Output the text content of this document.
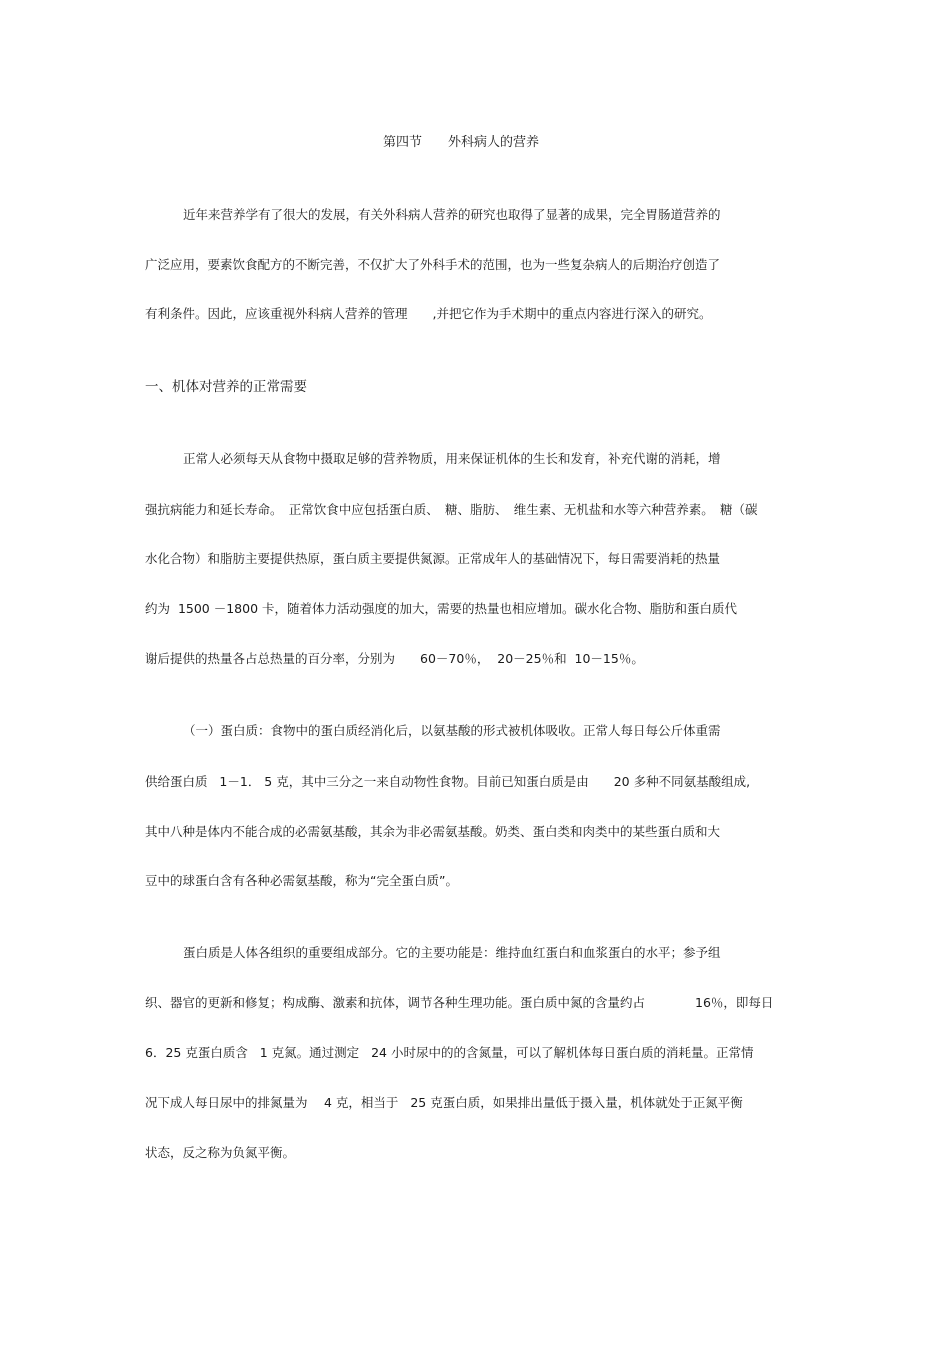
第四节　　外科病人的营养
近年来营养学有了很大的发展，有关外科病人营养的研究也取得了显著的成果，完全胃肠道营养的
广泛应用，要素饮食配方的不断完善，不仅扩大了外科手术的范围，也为一些复杂病人的后期治疗创造了
有利条件。因此，应该重视外科病人营养的管理　　,并把它作为手术期中的重点内容进行深入的研究。
一、机体对营养的正常需要
正常人必须每天从食物中摄取足够的营养物质，用来保证机体的生长和发育，补充代谢的消耗，增
强抗病能力和延长寿命。　正常饮食中应包括蛋白质、　糖、脂肪、　维生素、无机盐和水等六种营养素。　糖（碳
水化合物）和脂肪主要提供热原，蛋白质主要提供氮源。正常成年人的基础情况下，每日需要消耗的热量
约为  1500 －1800 卡，随着体力活动强度的加大，需要的热量也相应增加。碳水化合物、脂肪和蛋白质代
谢后提供的热量各占总热量的百分率，分别为　　60－70％，  20－25％和  10－15％。
（一）蛋白质：食物中的蛋白质经消化后，以氨基酸的形式被机体吸收。正常人每日每公斤体重需
供给蛋白质   1－1． 5 克，其中三分之一来自动物性食物。目前已知蛋白质是由　　20 多种不同氨基酸组成,
其中八种是体内不能合成的必需氨基酸，其余为非必需氨基酸。奶类、蛋白类和肉类中的某些蛋白质和大
豆中的球蛋白含有各种必需氨基酸，称为“完全蛋白质”。
蛋白质是人体各组织的重要组成部分。它的主要功能是：维持血红蛋白和血浆蛋白的水平；参予组
织、器官的更新和修复；构成酶、激素和抗体，调节各种生理功能。蛋白质中氮的含量约占　　　　16％，即每日
6．25 克蛋白质含   1 克氮。通过测定   24 小时尿中的的含氮量，可以了解机体每日蛋白质的消耗量。正常情
况下成人每日尿中的排氮量为　 4 克，相当于   25 克蛋白质，如果排出量低于摄入量，机体就处于正氮平衡
状态，反之称为负氮平衡。
